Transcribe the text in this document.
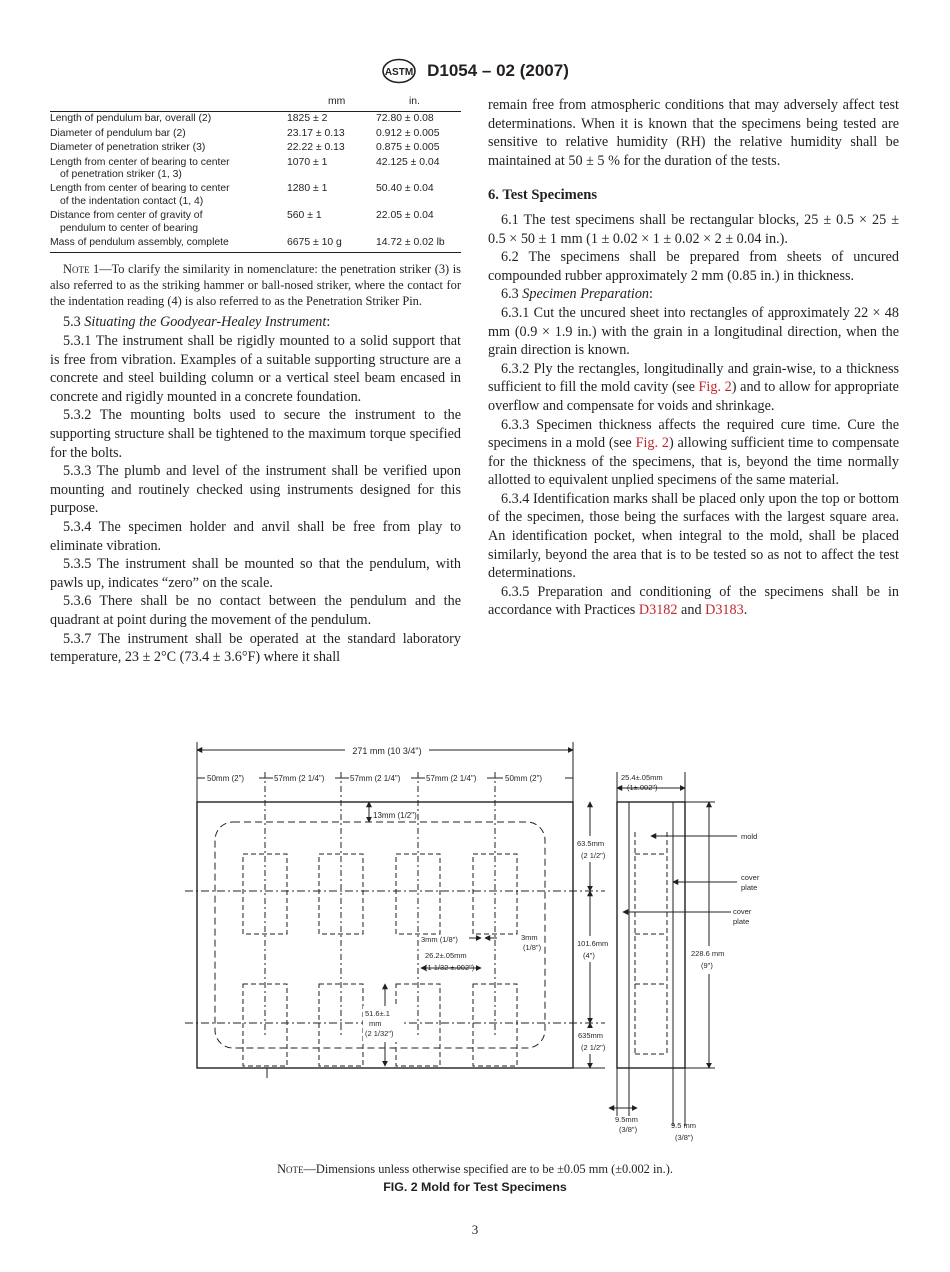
ASTM D1054 – 02 (2007)
	mm	in.
Length of pendulum bar, overall (2)	1825 ± 2	72.80 ± 0.08
Diameter of pendulum bar (2)	23.17 ± 0.13	0.912 ± 0.005
Diameter of penetration striker (3)	22.22 ± 0.13	0.875 ± 0.005
Length from center of bearing to center
of penetration striker (1, 3)	1070 ± 1	42.125 ± 0.04
Length from center of bearing to center
of the indentation contact (1, 4)	1280 ± 1	50.40 ± 0.04
Distance from center of gravity of
pendulum to center of bearing	560 ± 1	22.05 ± 0.04
Mass of pendulum assembly, complete	6675 ± 10 g	14.72 ± 0.02 lb
Note 1—To clarify the similarity in nomenclature: the penetration striker (3) is also referred to as the striking hammer or ball-nosed striker, where the contact for the indentation reading (4) is also referred to as the Penetration Striker Pin.

5.3 Situating the Goodyear-Healey Instrument:

5.3.1 The instrument shall be rigidly mounted to a solid support that is free from vibration. Examples of a suitable supporting structure are a concrete and steel building column or a vertical steel beam encased in concrete and rigidly mounted in a concrete foundation.

5.3.2 The mounting bolts used to secure the instrument to the supporting structure shall be tightened to the maximum torque specified for the bolts.

5.3.3 The plumb and level of the instrument shall be verified upon mounting and routinely checked using instruments designed for this purpose.

5.3.4 The specimen holder and anvil shall be free from play to eliminate vibration.

5.3.5 The instrument shall be mounted so that the pendulum, with pawls up, indicates “zero” on the scale.

5.3.6 There shall be no contact between the pendulum and the quadrant at point during the movement of the pendulum.

5.3.7 The instrument shall be operated at the standard laboratory temperature, 23 ± 2°C (73.4 ± 3.6°F) where it shall

remain free from atmospheric conditions that may adversely affect test determinations. When it is known that the specimens being tested are sensitive to relative humidity (RH) the relative humidity shall be maintained at 50 ± 5 % for the duration of the tests.

6. Test Specimens

6.1 The test specimens shall be rectangular blocks, 25 ± 0.5 × 25 ± 0.5 × 50 ± 1 mm (1 ± 0.02 × 1 ± 0.02 × 2 ± 0.04 in.).

6.2 The specimens shall be prepared from sheets of uncured compounded rubber approximately 2 mm (0.85 in.) in thickness.

6.3 Specimen Preparation:

6.3.1 Cut the uncured sheet into rectangles of approximately 22 × 48 mm (0.9 × 1.9 in.) with the grain in a longitudinal direction, when the grain direction is known.

6.3.2 Ply the rectangles, longitudinally and grain-wise, to a thickness sufficient to fill the mold cavity (see Fig. 2) and to allow for appropriate overflow and compensate for voids and shrinkage.

6.3.3 Specimen thickness affects the required cure time. Cure the specimens in a mold (see Fig. 2) allowing sufficient time to compensate for the thickness of the specimens, that is, beyond the time normally allotted to equivalent unplied specimens of the same material.

6.3.4 Identification marks shall be placed only upon the top or bottom of the specimen, those being the surfaces with the largest square area. An identification pocket, when integral to the mold, shall be placed similarly, beyond the area that is to be tested so as not to affect the test determinations.

6.3.5 Preparation and conditioning of the specimens shall be in accordance with Practices D3182 and D3183.

271 mm (10 3/4")
50mm (2")	57mm (2 1/4")	57mm (2 1/4")	57mm (2 1/4")	50mm (2")
13mm (1/2")
3mm (1/8")	3mm
(1/8")
26.2±.05mm
(1 1/32 ±.002")
51.6±.1
mm
(2 1/32")
63.5mm
(2 1/2")
101.6mm
(4")
635mm
(2 1/2")
25.4±.05mm
(1±.002")
228.6 mm
(9")
mold
cover
plate
cover
plate
9.5mm
(3/8")	9.5 mm
(3/8")
Note—Dimensions unless otherwise specified are to be ±0.05 mm (±0.002 in.).
FIG. 2 Mold for Test Specimens
3
